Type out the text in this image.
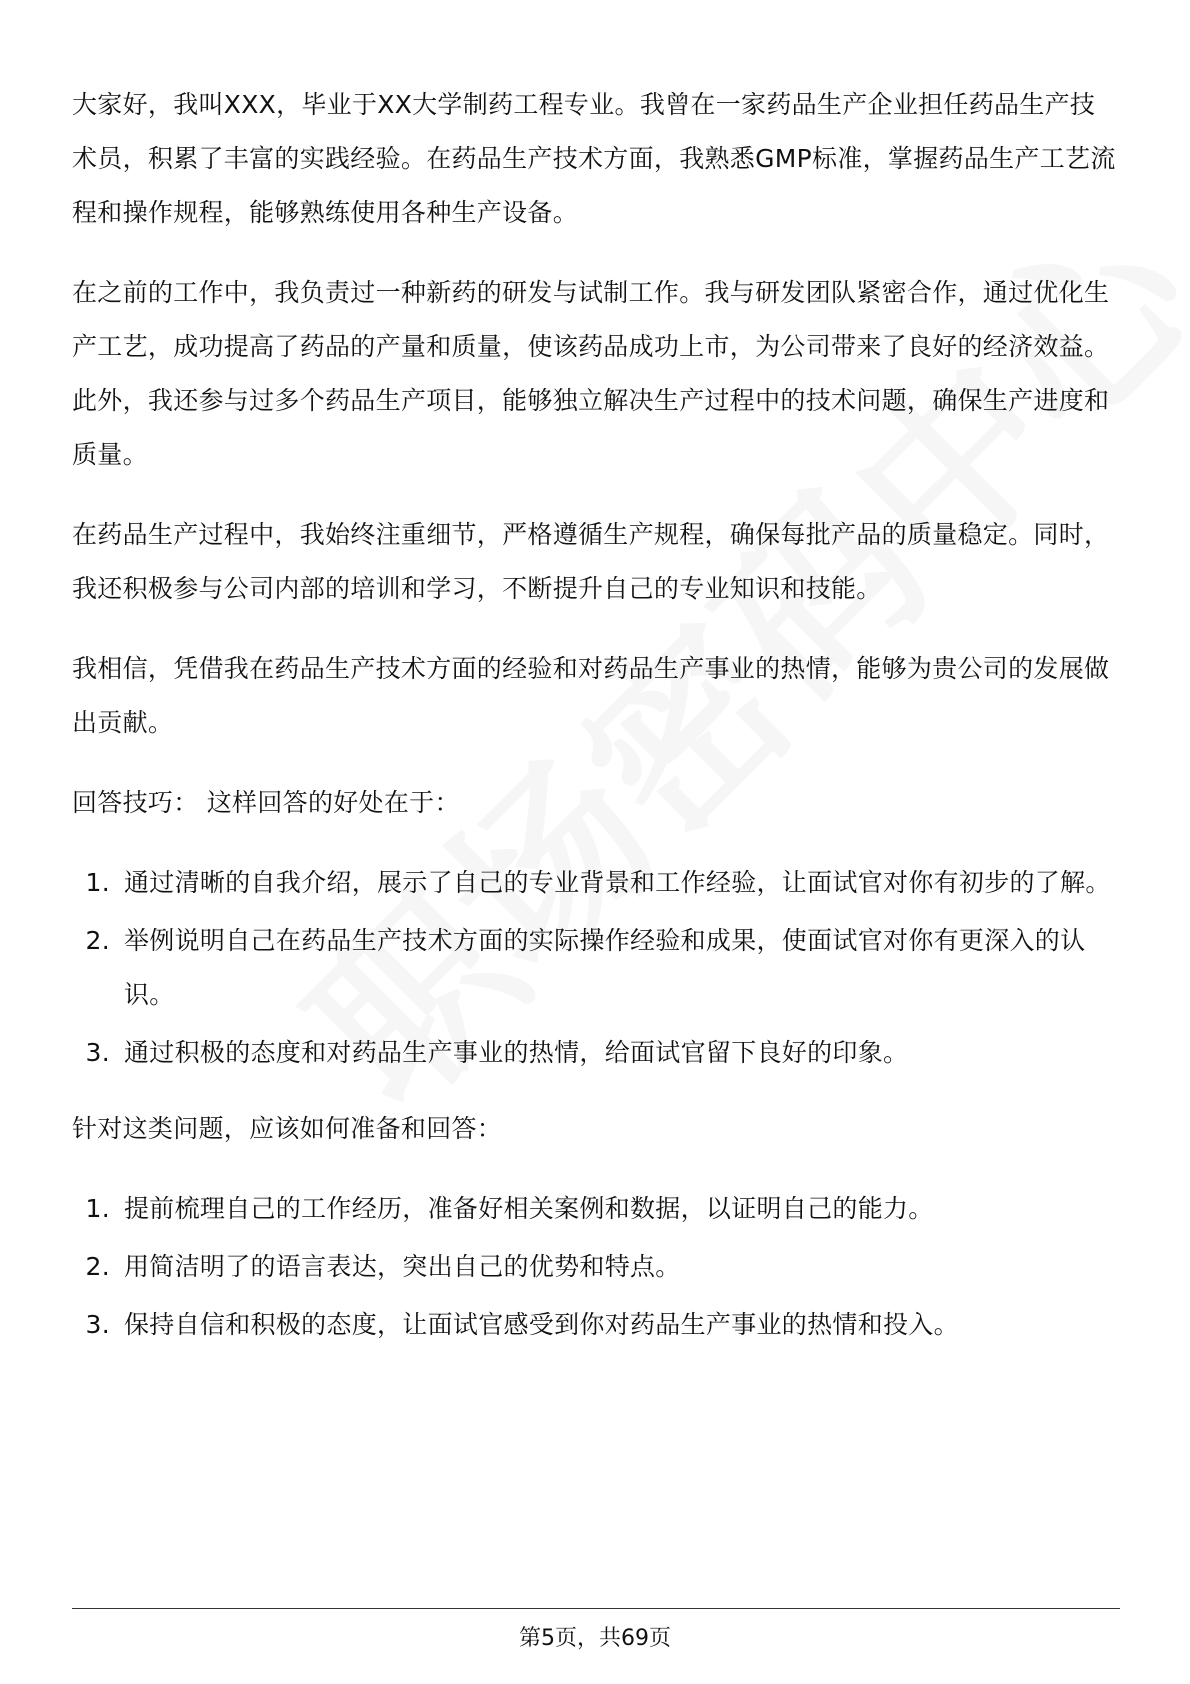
大家好，我叫XXX，毕业于XX大学制药工程专业。我曾在一家药品生产企业担任药品生产技术员，积累了丰富的实践经验。在药品生产技术方面，我熟悉GMP标准，掌握药品生产工艺流程和操作规程，能够熟练使用各种生产设备。

在之前的工作中，我负责过一种新药的研发与试制工作。我与研发团队紧密合作，通过优化生产工艺，成功提高了药品的产量和质量，使该药品成功上市，为公司带来了良好的经济效益。此外，我还参与过多个药品生产项目，能够独立解决生产过程中的技术问题，确保生产进度和质量。

在药品生产过程中，我始终注重细节，严格遵循生产规程，确保每批产品的质量稳定。同时，我还积极参与公司内部的培训和学习，不断提升自己的专业知识和技能。

我相信，凭借我在药品生产技术方面的经验和对药品生产事业的热情，能够为贵公司的发展做出贡献。

回答技巧： 这样回答的好处在于：

1. 通过清晰的自我介绍，展示了自己的专业背景和工作经验，让面试官对你有初步的了解。
2. 举例说明自己在药品生产技术方面的实际操作经验和成果，使面试官对你有更深入的认识。
3. 通过积极的态度和对药品生产事业的热情，给面试官留下良好的印象。

针对这类问题，应该如何准备和回答：

1. 提前梳理自己的工作经历，准备好相关案例和数据，以证明自己的能力。
2. 用简洁明了的语言表达，突出自己的优势和特点。
3. 保持自信和积极的态度，让面试官感受到你对药品生产事业的热情和投入。
第5页，共69页
